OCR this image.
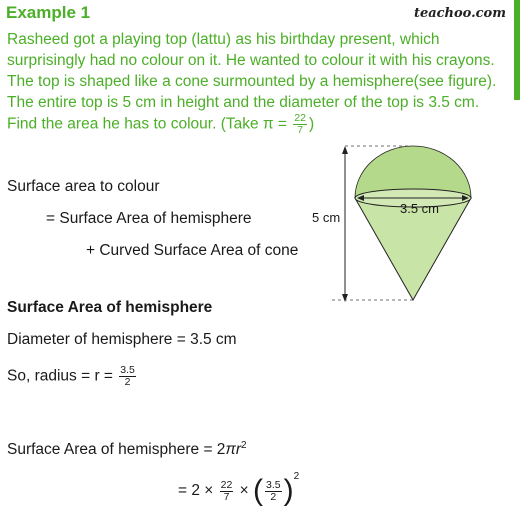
Example 1	teachoo.com
Rasheed got a playing top (lattu) as his birthday present, which
surprisingly had no colour on it. He wanted to colour it with his crayons.
The top is shaped like a cone surmounted by a hemisphere(see figure).
The entire top is 5 cm in height and the diameter of the top is 3.5 cm.
Find the area he has to colour. (Take $\pi = \frac{22}{7}$ )
5 cm
3.5 cm
Surface area to colour
= Surface Area of hemisphere
+ Curved Surface Area of cone
Surface Area of hemisphere
Diameter of hemisphere = 3.5 cm
So, radius = $r = \frac{3.5}{2}$
Surface Area of hemisphere = $2\pi r^2$
= $2 \times \frac{22}{7}$ × ( $\frac{3.5}{2} )^2$
